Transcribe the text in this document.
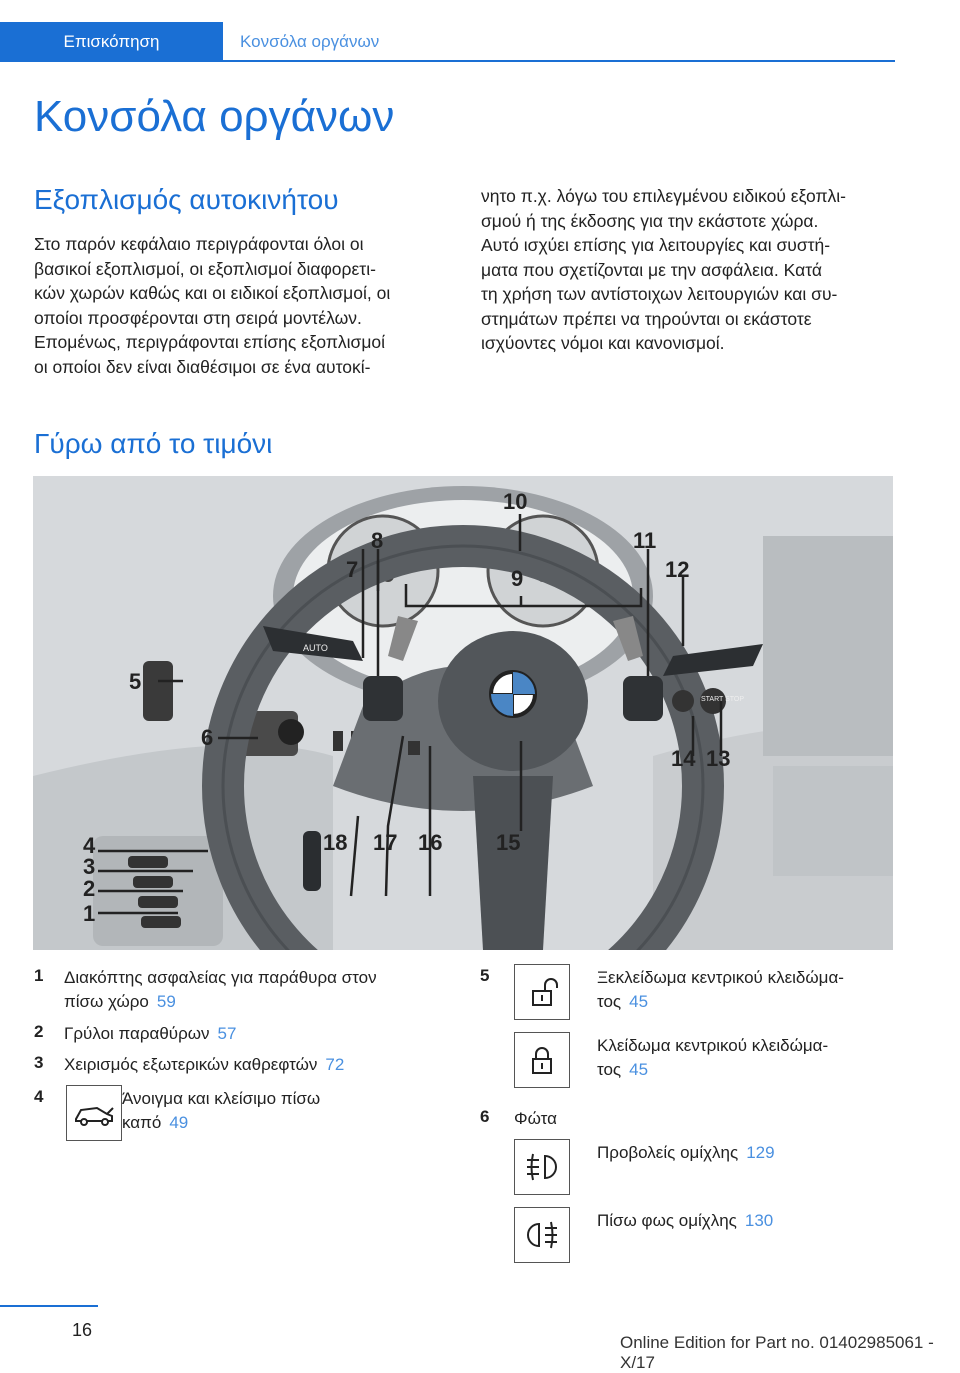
Επισκόπηση	Κονσόλα οργάνων
Κονσόλα οργάνων
Εξοπλισμός αυτοκινήτου
Στο παρόν κεφάλαιο περιγράφονται όλοι οι
βασικοί εξοπλισμοί, οι εξοπλισμοί διαφορετι‐
κών χωρών καθώς και οι ειδικοί εξοπλισμοί, οι
οποίοι προσφέρονται στη σειρά μοντέλων.
Επομένως, περιγράφονται επίσης εξοπλισμοί
οι οποίοι δεν είναι διαθέσιμοι σε ένα αυτοκί‐
νητο π.χ. λόγω του επιλεγμένου ειδικού εξοπλι‐
σμού ή της έκδοσης για την εκάστοτε χώρα.
Αυτό ισχύει επίσης για λειτουργίες και συστή‐
ματα που σχετίζονται με την ασφάλεια. Κατά
τη χρήση των αντίστοιχων λειτουργιών και συ‐
στημάτων πρέπει να τηρούνται οι εκάστοτε
ισχύοντες νόμοι και κανονισμοί.
Γύρω από το τιμόνι
AUTO
START STOP
1
2
3
4
5
6
7
8
9
10
11
12
13
14
15
16
17
18
1 Διακόπτης ασφαλείας για παράθυρα στον
πίσω χώρο 59
2 Γρύλοι παραθύρων 57
3 Χειρισμός εξωτερικών καθρεφτών 72
4	Άνοιγμα και κλείσιμο πίσω
καπό 49
5	Ξεκλείδωμα κεντρικού κλειδώμα‐
τος 45
Κλείδωμα κεντρικού κλειδώμα‐
τος 45
6 Φώτα
Προβολείς ομίχλης 129
Πίσω φως ομίχλης 130
16
Online Edition for Part no. 01402985061 - X/17
